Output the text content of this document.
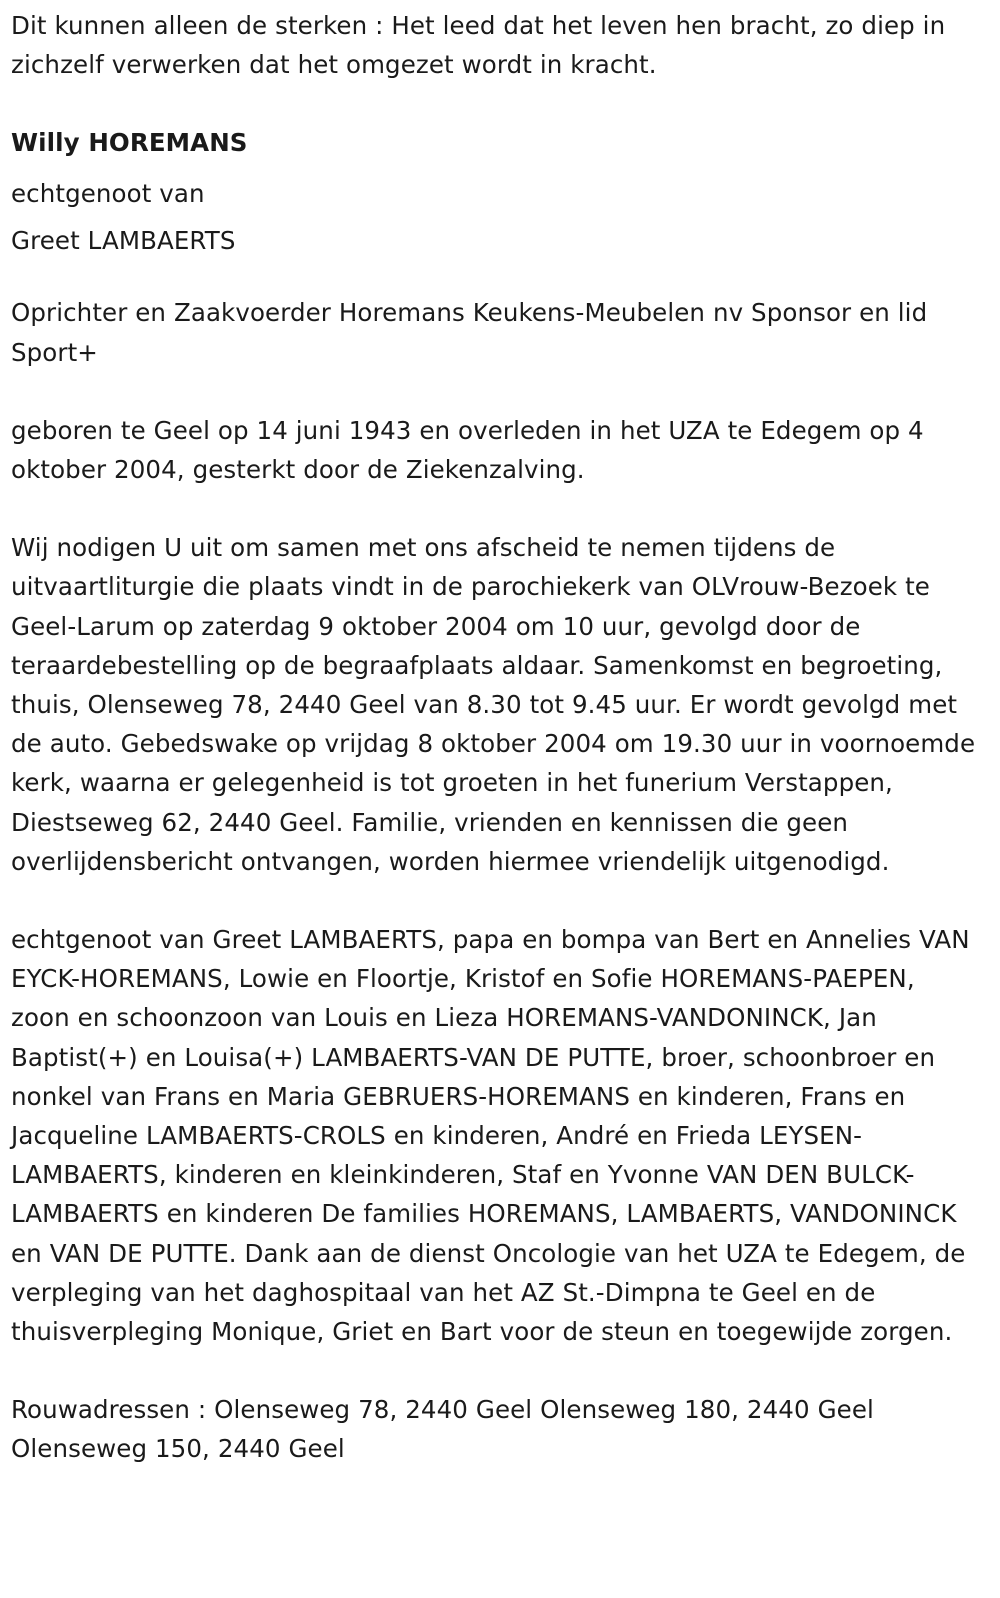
Dit kunnen alleen de sterken : Het leed dat het leven hen bracht, zo diep in zichzelf verwerken dat het omgezet wordt in kracht.

Willy HOREMANS

echtgenoot van

Greet LAMBAERTS

Oprichter en Zaakvoerder Horemans Keukens-Meubelen nv Sponsor en lid Sport+

geboren te Geel op 14 juni 1943 en overleden in het UZA te Edegem op 4 oktober 2004, gesterkt door de Ziekenzalving.

Wij nodigen U uit om samen met ons afscheid te nemen tijdens de uitvaartliturgie die plaats vindt in de parochiekerk van OLVrouw-Bezoek te Geel-Larum op zaterdag 9 oktober 2004 om 10 uur, gevolgd door de teraardebestelling op de begraafplaats aldaar. Samenkomst en begroeting, thuis, Olenseweg 78, 2440 Geel van 8.30 tot 9.45 uur. Er wordt gevolgd met de auto. Gebedswake op vrijdag 8 oktober 2004 om 19.30 uur in voornoemde kerk, waarna er gelegenheid is tot groeten in het funerium Verstappen, Diestseweg 62, 2440 Geel. Familie, vrienden en kennissen die geen overlijdensbericht ontvangen, worden hiermee vriendelijk uitgenodigd.

echtgenoot van Greet LAMBAERTS, papa en bompa van Bert en Annelies VAN EYCK-HOREMANS, Lowie en Floortje, Kristof en Sofie HOREMANS-PAEPEN, zoon en schoonzoon van Louis en Lieza HOREMANS-VANDONINCK, Jan Baptist(+) en Louisa(+) LAMBAERTS-VAN DE PUTTE, broer, schoonbroer en nonkel van Frans en Maria GEBRUERS-HOREMANS en kinderen, Frans en Jacqueline LAMBAERTS-CROLS en kinderen, André en Frieda LEYSEN-LAMBAERTS, kinderen en kleinkinderen, Staf en Yvonne VAN DEN BULCK-LAMBAERTS en kinderen De families HOREMANS, LAMBAERTS, VANDONINCK en VAN DE PUTTE. Dank aan de dienst Oncologie van het UZA te Edegem, de verpleging van het daghospitaal van het AZ St.-Dimpna te Geel en de thuisverpleging Monique, Griet en Bart voor de steun en toegewijde zorgen.

Rouwadressen : Olenseweg 78, 2440 Geel Olenseweg 180, 2440 Geel Olenseweg 150, 2440 Geel
